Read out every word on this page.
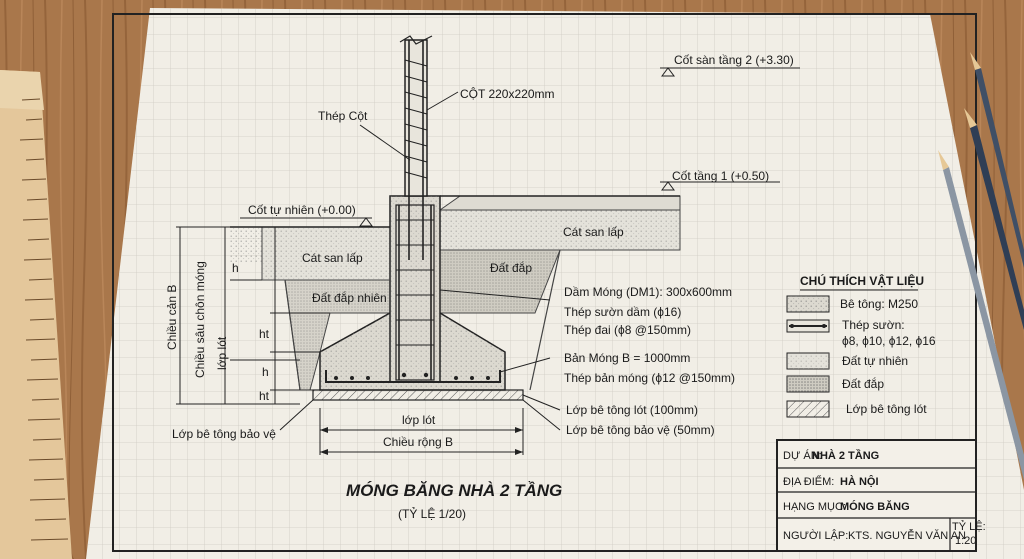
Cốt sàn tầng 2 (+3.30)
Cốt tầng 1 (+0.50)
Cốt tự nhiên (+0.00)
Thép Cột
CỘT 220x220mm
Cát san lấp
Cát san lấp
Đất đắp
Đất đắp nhiên	Dầm Móng (DM1): 300x600mm
Thép sườn dầm (ϕ16)
Thép đai (ϕ8 @150mm)
Bản Móng B = 1000mm
Thép bản móng (ϕ12 @150mm)
Lớp bê tông lót (100mm)
Lớp bê tông bảo vệ (50mm)
Lớp bê tông bảo vệ
lớp lót
Chiều rộng B
h
ht
h
ht
Chiều sâu chôn móng
Chiều cản B
lớp lót
MÓNG BĂNG NHÀ 2 TẦNG
(TỶ LỆ 1/20)
CHÚ THÍCH VẬT LIỆU
Bê tông: M250
Thép sườn:
ϕ8, ϕ10, ϕ12, ϕ16
Đất tự nhiên
Đất đắp
Lớp bê tông lót
DỰ ÁN:
NHÀ 2 TẦNG
ĐỊA ĐIỂM: HÀ NỘI
HẠNG MỤC:
MÓNG BĂNG
NGƯỜI LẬP: KTS. NGUYỄN VĂN AN
TỶ LỆ:
1:20
